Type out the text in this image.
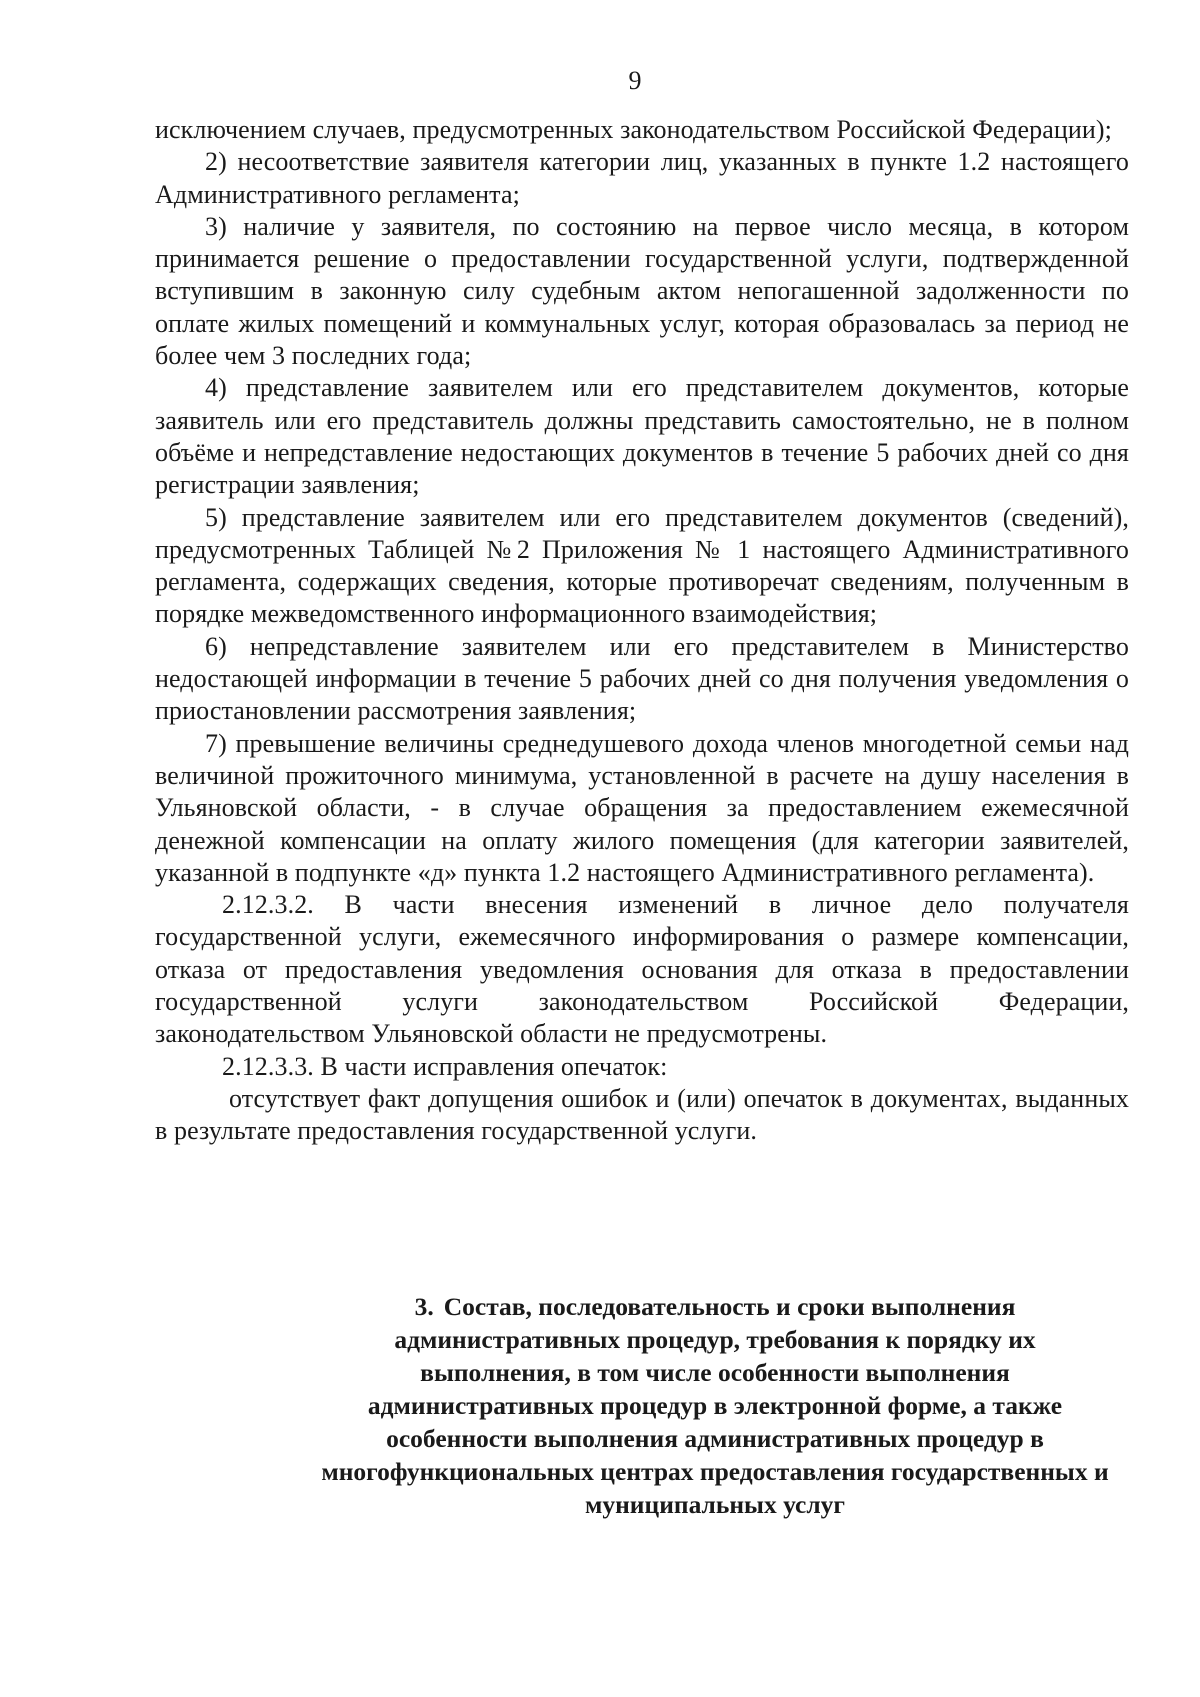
9

исключением случаев, предусмотренных законодательством Российской Федерации);

2) несоответствие заявителя категории лиц, указанных в пункте 1.2 настоящего Административного регламента;

3) наличие у заявителя, по состоянию на первое число месяца, в котором принимается решение о предоставлении государственной услуги, подтвержденной вступившим в законную силу судебным актом непогашенной задолженности по оплате жилых помещений и коммунальных услуг, которая образовалась за период не более чем 3 последних года;

4) представление заявителем или его представителем документов, которые заявитель или его представитель должны представить самостоятельно, не в полном объёме и непредставление недостающих документов в течение 5 рабочих дней со дня регистрации заявления;

5) представление заявителем или его представителем документов (сведений), предусмотренных Таблицей №2 Приложения № 1 настоящего Административного регламента, содержащих сведения, которые противоречат сведениям, полученным в порядке межведомственного информационного взаимодействия;

6) непредставление заявителем или его представителем в Министерство недостающей информации в течение 5 рабочих дней со дня получения уведомления о приостановлении рассмотрения заявления;

7) превышение величины среднедушевого дохода членов многодетной семьи над величиной прожиточного минимума, установленной в расчете на душу населения в Ульяновской области, - в случае обращения за предоставлением ежемесячной денежной компенсации на оплату жилого помещения (для категории заявителей, указанной в подпункте «д» пункта 1.2 настоящего Административного регламента).

2.12.3.2. В части внесения изменений в личное дело получателя государственной услуги, ежемесячного информирования о размере компенсации, отказа от предоставления уведомления основания для отказа в предоставлении государственной услуги законодательством Российской Федерации, законодательством Ульяновской области не предусмотрены.

2.12.3.3. В части исправления опечаток:

отсутствует факт допущения ошибок и (или) опечаток в документах, выданных в результате предоставления государственной услуги.

3. Состав, последовательность и сроки выполнения административных процедур, требования к порядку их выполнения, в том числе особенности выполнения административных процедур в электронной форме, а также особенности выполнения административных процедур в многофункциональных центрах предоставления государственных и муниципальных услуг
